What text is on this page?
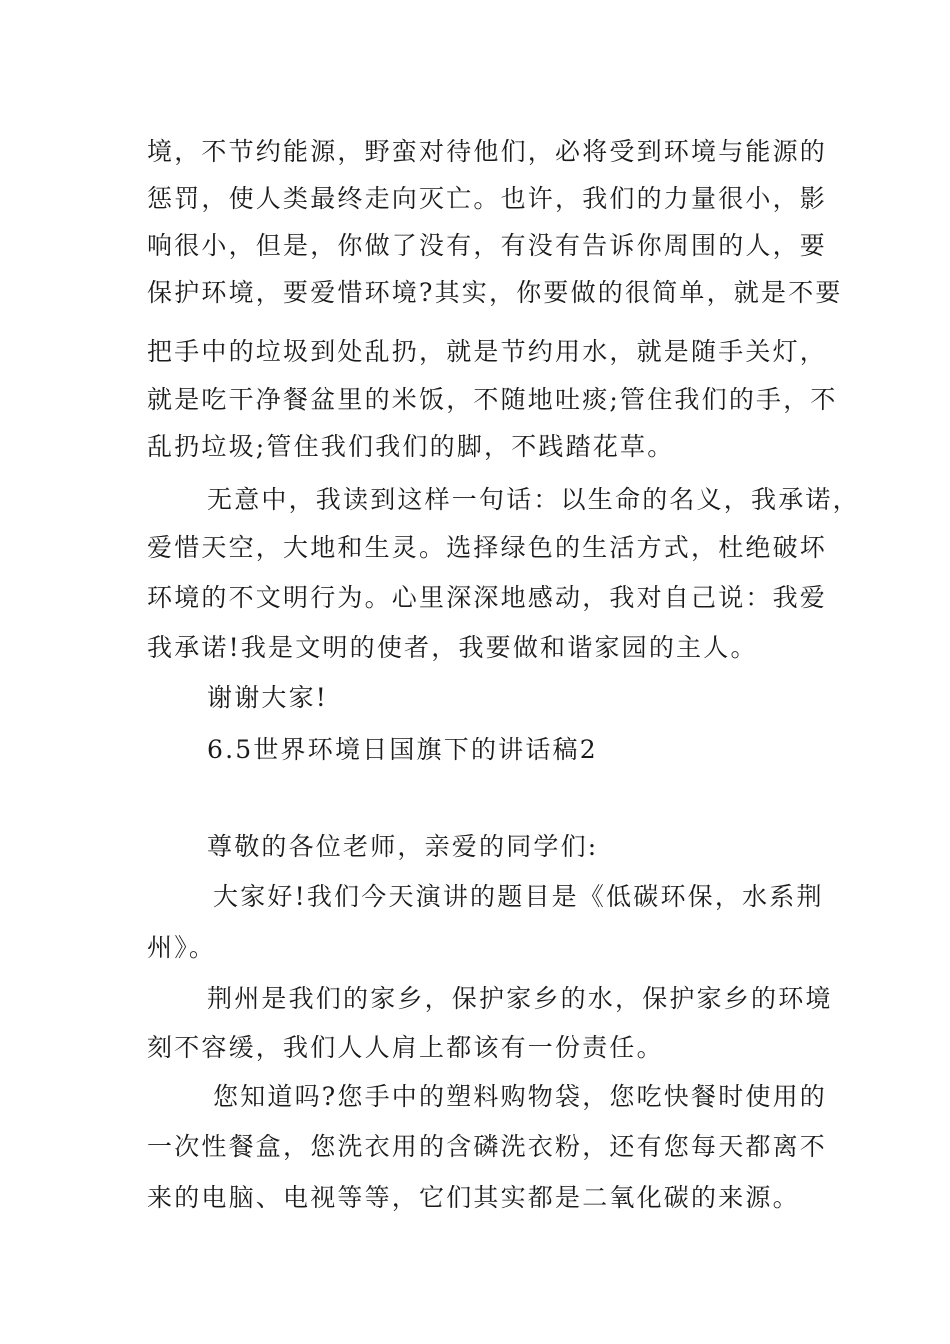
境，不节约能源，野蛮对待他们，必将受到环境与能源的

惩罚，使人类最终走向灭亡。也许，我们的力量很小，影

响很小，但是，你做了没有，有没有告诉你周围的人，要

保护环境，要爱惜环境?其实，你要做的很简单，就是不要

把手中的垃圾到处乱扔，就是节约用水，就是随手关灯，

就是吃干净餐盆里的米饭，不随地吐痰;管住我们的手，不

乱扔垃圾;管住我们我们的脚，不践踏花草。

无意中，我读到这样一句话：以生命的名义，我承诺，

爱惜天空，大地和生灵。选择绿色的生活方式，杜绝破坏

环境的不文明行为。心里深深地感动，我对自己说：我爱

我承诺!我是文明的使者，我要做和谐家园的主人。

谢谢大家!

6.5世界环境日国旗下的讲话稿2

尊敬的各位老师，亲爱的同学们:

大家好!我们今天演讲的题目是《低碳环保，水系荆

州》。

荆州是我们的家乡，保护家乡的水，保护家乡的环境

刻不容缓，我们人人肩上都该有一份责任。

您知道吗?您手中的塑料购物袋，您吃快餐时使用的

一次性餐盒，您洗衣用的含磷洗衣粉，还有您每天都离不

来的电脑、电视等等，它们其实都是二氧化碳的来源。
